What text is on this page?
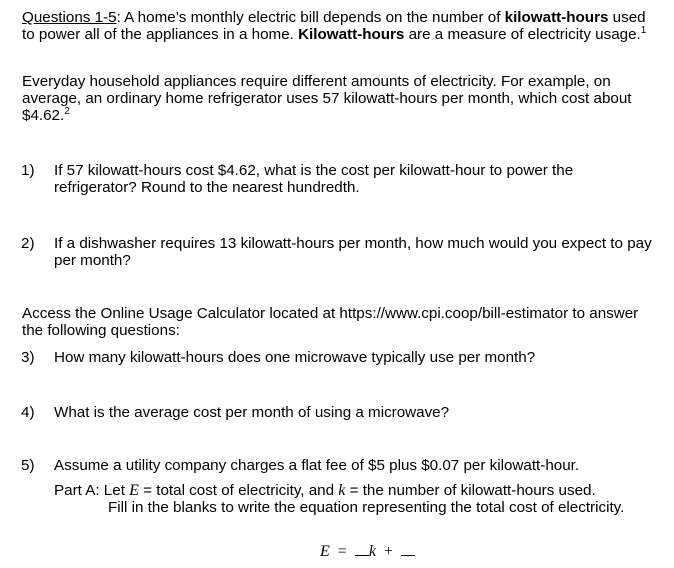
Questions 1-5: A home’s monthly electric bill depends on the number of kilowatt-hours used to power all of the appliances in a home. Kilowatt-hours are a measure of electricity usage.$^1$

Everyday household appliances require different amounts of electricity. For example, on average, an ordinary home refrigerator uses 57 kilowatt-hours per month, which cost about $4.62.$^2$

1) If 57 kilowatt-hours cost $4.62, what is the cost per kilowatt-hour to power the refrigerator? Round to the nearest hundredth.
2) If a dishwasher requires 13 kilowatt-hours per month, how much would you expect to pay per month?

Access the Online Usage Calculator located at https://www.cpi.coop/bill-estimator to answer the following questions:

3) How many kilowatt-hours does one microwave typically use per month?
4) What is the average cost per month of using a microwave?
5) Assume a utility company charges a flat fee of $5 plus $0.07 per kilowatt-hour.
Part A: Let E = total cost of electricity, and k = the number of kilowatt-hours used.
Fill in the blanks to write the equation representing the total cost of electricity.
E = k +
